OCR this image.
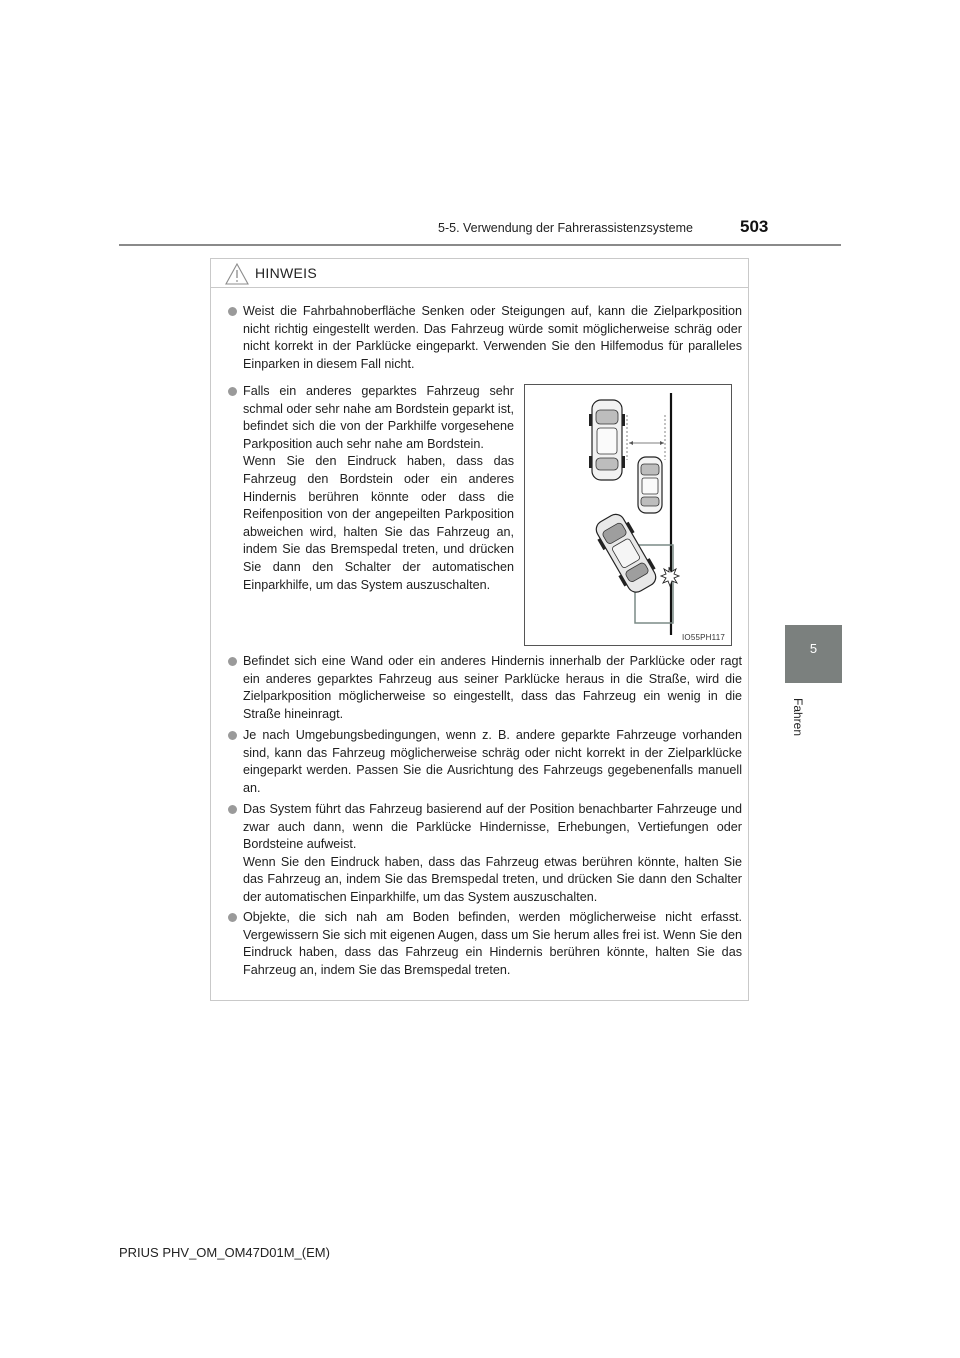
5-5. Verwendung der Fahrerassistenzsysteme	503
5
Fahren
HINWEIS

Weist die Fahrbahnoberfläche Senken oder Steigungen auf, kann die Zielparkposition nicht richtig eingestellt werden. Das Fahrzeug würde somit möglicherweise schräg oder nicht korrekt in der Parklücke eingeparkt. Verwenden Sie den Hilfemodus für paralleles Einparken in diesem Fall nicht.

Falls ein anderes geparktes Fahrzeug sehr schmal oder sehr nahe am Bordstein geparkt ist, befindet sich die von der Parkhilfe vorgesehene Parkposition auch sehr nahe am Bordstein.
Wenn Sie den Eindruck haben, dass das Fahrzeug den Bordstein oder ein anderes Hindernis berühren könnte oder dass die Reifenposition von der angepeilten Parkposition abweichen wird, halten Sie das Fahrzeug an, indem Sie das Bremspedal treten, und drücken Sie dann den Schalter der automatischen Einparkhilfe, um das System auszuschalten.

Befindet sich eine Wand oder ein anderes Hindernis innerhalb der Parklücke oder ragt ein anderes geparktes Fahrzeug aus seiner Parklücke heraus in die Straße, wird die Zielparkposition möglicherweise so eingestellt, dass das Fahrzeug ein wenig in die Straße hineinragt.

Je nach Umgebungsbedingungen, wenn z. B. andere geparkte Fahrzeuge vorhanden sind, kann das Fahrzeug möglicherweise schräg oder nicht korrekt in der Zielparklücke eingeparkt werden. Passen Sie die Ausrichtung des Fahrzeugs gegebenenfalls manuell an.

Das System führt das Fahrzeug basierend auf der Position benachbarter Fahrzeuge und zwar auch dann, wenn die Parklücke Hindernisse, Erhebungen, Vertiefungen oder Bordsteine aufweist.
Wenn Sie den Eindruck haben, dass das Fahrzeug etwas berühren könnte, halten Sie das Fahrzeug an, indem Sie das Bremspedal treten, und drücken Sie dann den Schalter der automatischen Einparkhilfe, um das System auszuschalten.

Objekte, die sich nah am Boden befinden, werden möglicherweise nicht erfasst. Vergewissern Sie sich mit eigenen Augen, dass um Sie herum alles frei ist. Wenn Sie den Eindruck haben, dass das Fahrzeug ein Hindernis berühren könnte, halten Sie das Fahrzeug an, indem Sie das Bremspedal treten.

IO55PH117
PRIUS PHV_OM_OM47D01M_(EM)
